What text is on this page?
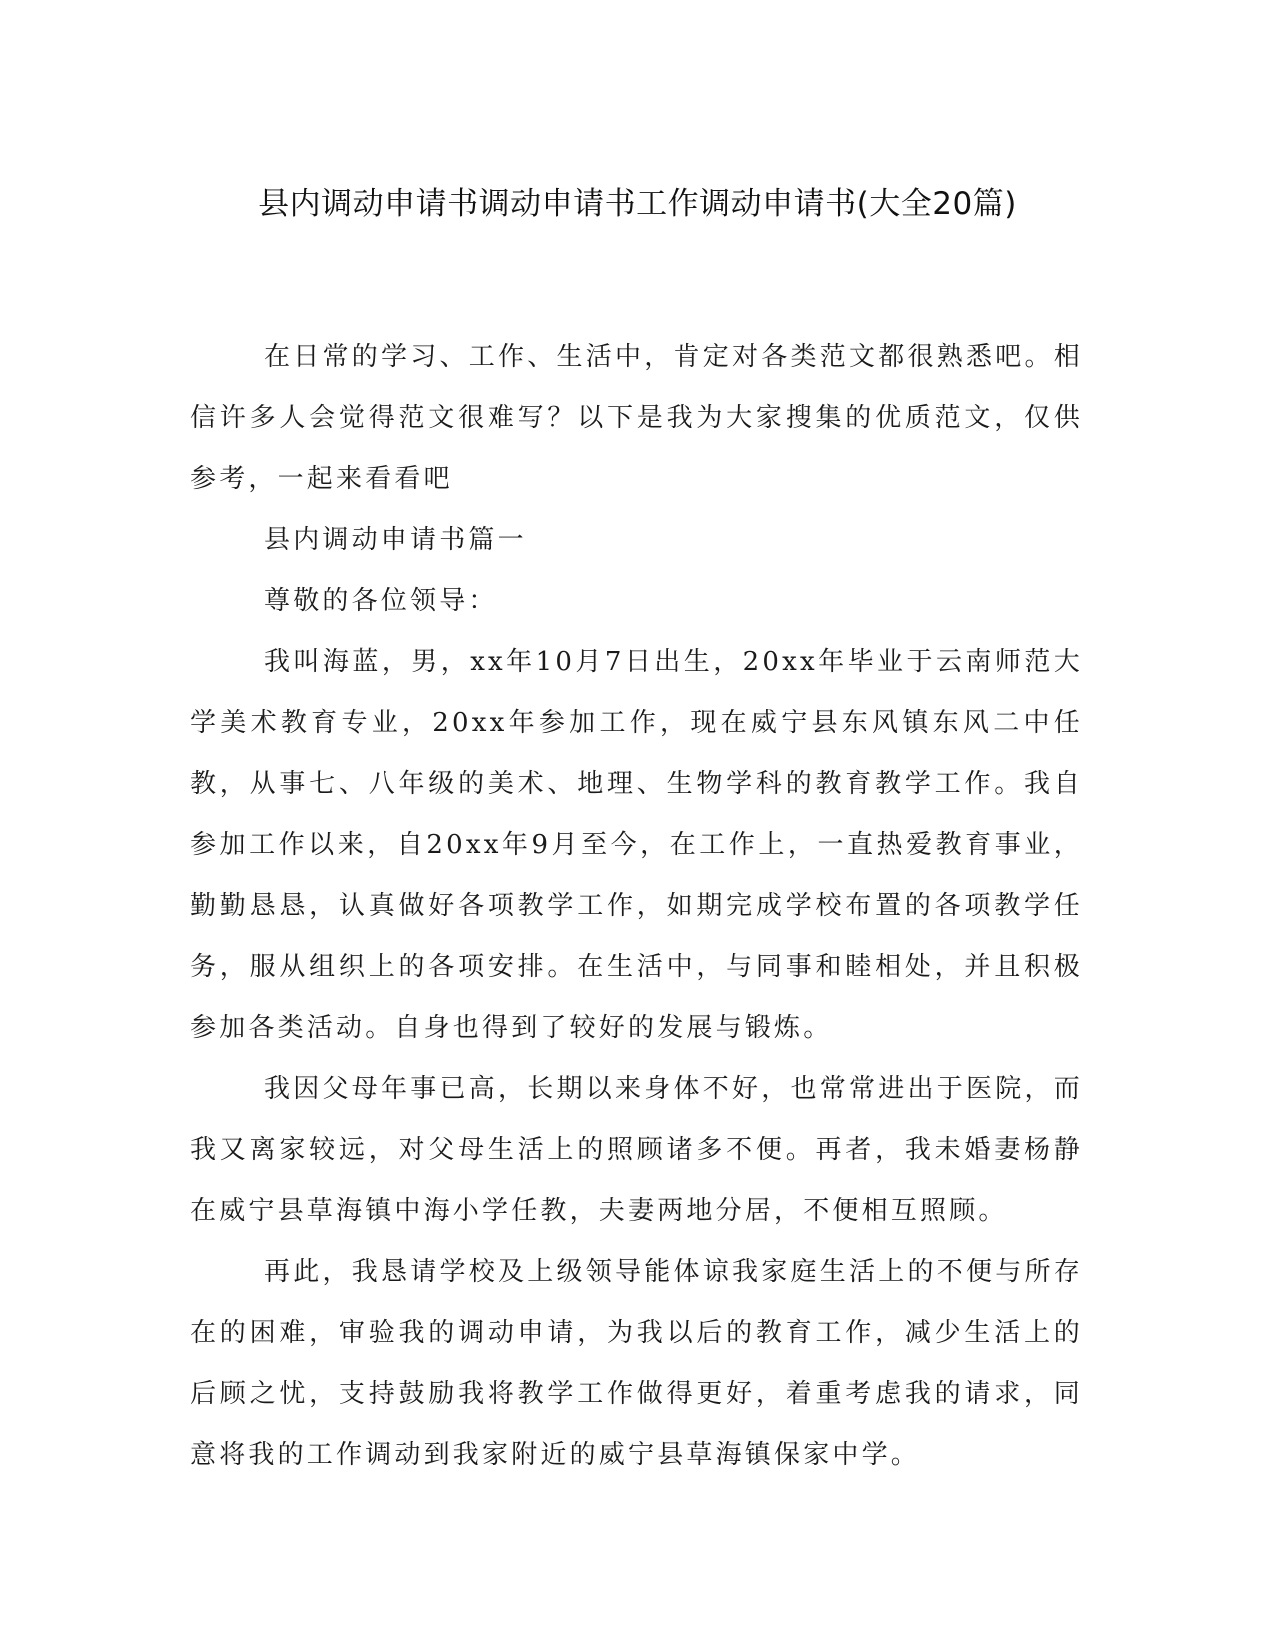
县内调动申请书调动申请书工作调动申请书(大全20篇)

在日常的学习、工作、生活中，肯定对各类范文都很熟悉吧。相信许多人会觉得范文很难写？以下是我为大家搜集的优质范文，仅供参考，一起来看看吧

县内调动申请书篇一

尊敬的各位领导：

我叫海蓝，男，xx年10月7日出生，20xx年毕业于云南师范大学美术教育专业，20xx年参加工作，现在威宁县东风镇东风二中任教，从事七、八年级的美术、地理、生物学科的教育教学工作。我自参加工作以来，自20xx年9月至今，在工作上，一直热爱教育事业，勤勤恳恳，认真做好各项教学工作，如期完成学校布置的各项教学任务，服从组织上的各项安排。在生活中，与同事和睦相处，并且积极参加各类活动。自身也得到了较好的发展与锻炼。

我因父母年事已高，长期以来身体不好，也常常进出于医院，而我又离家较远，对父母生活上的照顾诸多不便。再者，我未婚妻杨静在威宁县草海镇中海小学任教，夫妻两地分居，不便相互照顾。

再此，我恳请学校及上级领导能体谅我家庭生活上的不便与所存在的困难，审验我的调动申请，为我以后的教育工作，减少生活上的后顾之忧，支持鼓励我将教学工作做得更好，着重考虑我的请求，同意将我的工作调动到我家附近的威宁县草海镇保家中学。
